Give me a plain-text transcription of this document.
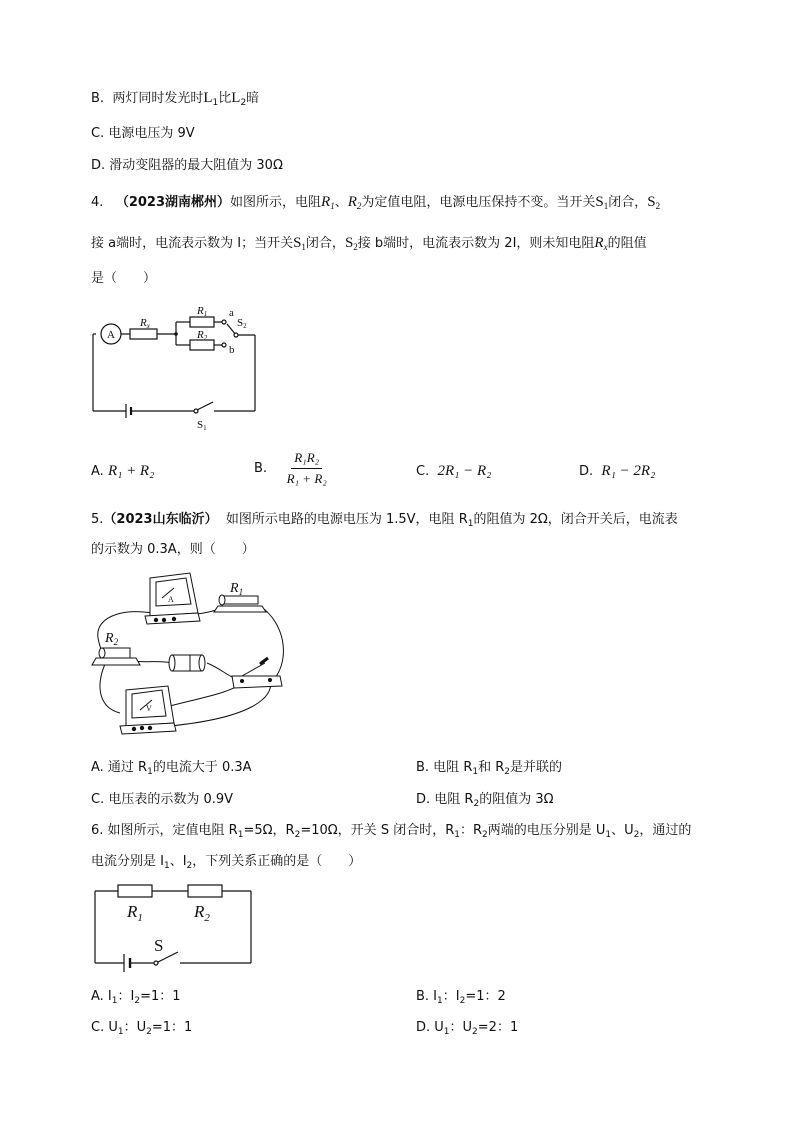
B. 两灯同时发光时$L_1$比$L_2$暗
C. 电源电压为 9V
D. 滑动变阻器的最大阻值为 30Ω
4. （2023湖南郴州）如图所示，电阻$R_1$、$R_2$为定值电阻，电源电压保持不变。当开关$S_1$闭合，$S_2$
接 a端时，电流表示数为 I；当开关$S_1$闭合，$S_2$接 b端时，电流表示数为 2I，则未知电阻$R_x$的阻值
是（　　）
A
Rx
R1
R2
a
b
S2
S1
A. R₁ + R₂	B. $\frac{\text{R₁R₂}}{\text{R₁ + R₂}}$	C. 2R₁ − R₂	D. R₁ − 2R₂
5.（2023山东临沂） 如图所示电路的电源电压为 1.5V，电阻 $R_1$的阻值为 2Ω，闭合开关后，电流表
的示数为 0.3A，则（　　）
A
V
$R_1$
$R_2$
A. 通过 $R_1$的电流大于 0.3A	B. 电阻 $R_1$和 $R_2$是并联的
C. 电压表的示数为 0.9V	D. 电阻 $R_2$的阻值为 3Ω
6. 如图所示，定值电阻 $R_1=5\Omega$，$R_2=10\Omega$，开关 S 闭合时，$R_1$：$R_2$两端的电压分别是 $U_1$、$U_2$，通过的
电流分别是 $I_1$、$I_2$，下列关系正确的是（　　）
$R_1$	$R_2$
S
A. $I_1$：$I_2=1$：1	B. $I_1$：$I_2=1$：2
C. $U_1$：$U_2=1$：1	D. $U_1$：$U_2=2$：1
